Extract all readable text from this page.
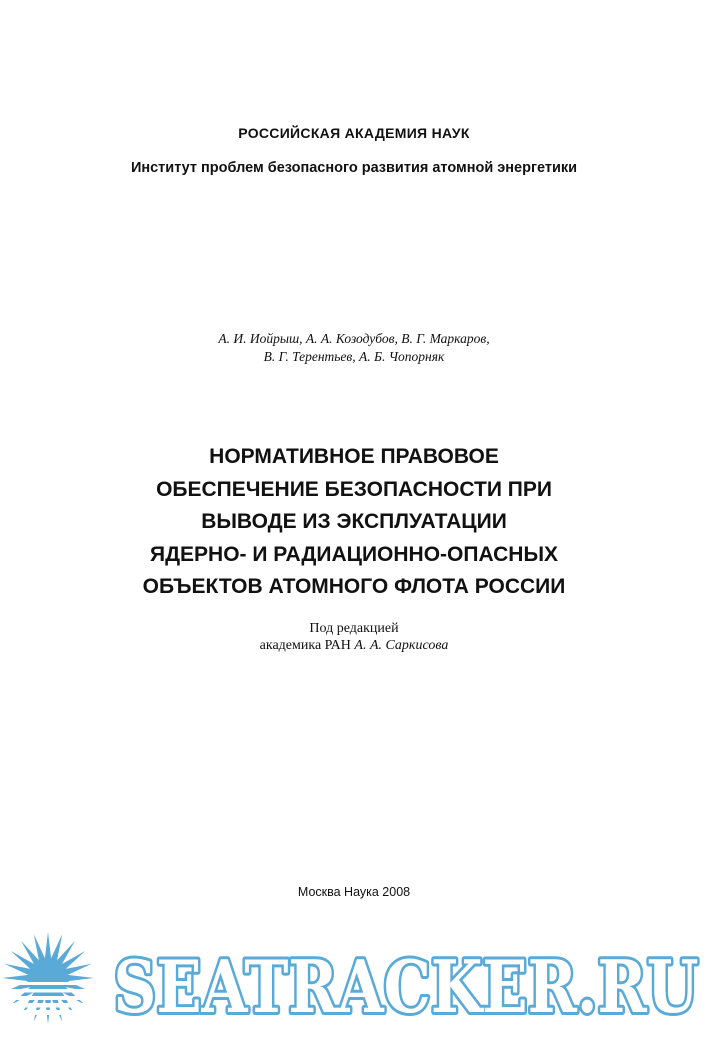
РОССИЙСКАЯ АКАДЕМИЯ НАУК
Институт проблем безопасного развития атомной энергетики
А. И. Иойрыш, А. А. Козодубов, В. Г. Маркаров,
В. Г. Терентьев, А. Б. Чопорняк
НОРМАТИВНОЕ ПРАВОВОЕ
ОБЕСПЕЧЕНИЕ БЕЗОПАСНОСТИ ПРИ
ВЫВОДЕ ИЗ ЭКСПЛУАТАЦИИ
ЯДЕРНО- И РАДИАЦИОННО-ОПАСНЫХ
ОБЪЕКТОВ АТОМНОГО ФЛОТА РОССИИ
Под редакцией
академика РАН А. А. Саркисова
Москва Наука 2008
SEATRACKER.RU
